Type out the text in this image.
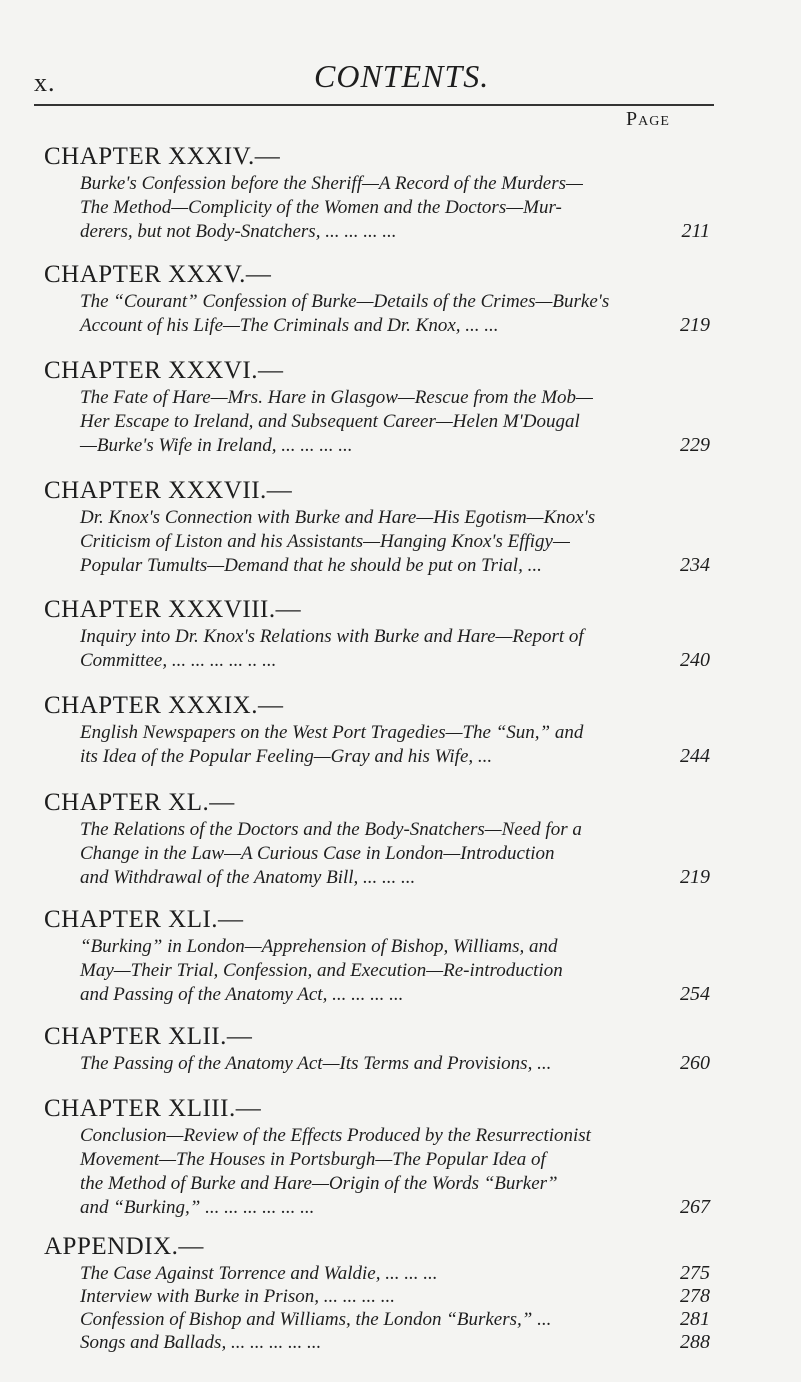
x.	CONTENTS.
Page
CHAPTER XXXIV.—
Burke's Confession before the Sheriff—A Record of the Murders—
The Method—Complicity of the Women and the Doctors—Mur-
derers, but not Body-Snatchers, ... ... ... ...	211
CHAPTER XXXV.—
The “Courant” Confession of Burke—Details of the Crimes—Burke's
Account of his Life—The Criminals and Dr. Knox, ... ...	219
CHAPTER XXXVI.—
The Fate of Hare—Mrs. Hare in Glasgow—Rescue from the Mob—
Her Escape to Ireland, and Subsequent Career—Helen M'Dougal
—Burke's Wife in Ireland, ... ... ... ...	229
CHAPTER XXXVII.—
Dr. Knox's Connection with Burke and Hare—His Egotism—Knox's
Criticism of Liston and his Assistants—Hanging Knox's Effigy—
Popular Tumults—Demand that he should be put on Trial, ...	234
CHAPTER XXXVIII.—
Inquiry into Dr. Knox's Relations with Burke and Hare—Report of
Committee, ... ... ... ... .. ...	240
CHAPTER XXXIX.—
English Newspapers on the West Port Tragedies—The “Sun,” and
its Idea of the Popular Feeling—Gray and his Wife, ...	244
CHAPTER XL.—
The Relations of the Doctors and the Body-Snatchers—Need for a
Change in the Law—A Curious Case in London—Introduction
and Withdrawal of the Anatomy Bill, ... ... ...	219
CHAPTER XLI.—
“Burking” in London—Apprehension of Bishop, Williams, and
May—Their Trial, Confession, and Execution—Re-introduction
and Passing of the Anatomy Act, ... ... ... ...	254
CHAPTER XLII.—
The Passing of the Anatomy Act—Its Terms and Provisions, ...	260
CHAPTER XLIII.—
Conclusion—Review of the Effects Produced by the Resurrectionist
Movement—The Houses in Portsburgh—The Popular Idea of
the Method of Burke and Hare—Origin of the Words “Burker”
and “Burking,” ... ... ... ... ... ...	267
APPENDIX.—
The Case Against Torrence and Waldie, ... ... ...	275
Interview with Burke in Prison, ... ... ... ...	278
Confession of Bishop and Williams, the London “Burkers,” ...	281
Songs and Ballads, ... ... ... ... ...	288
